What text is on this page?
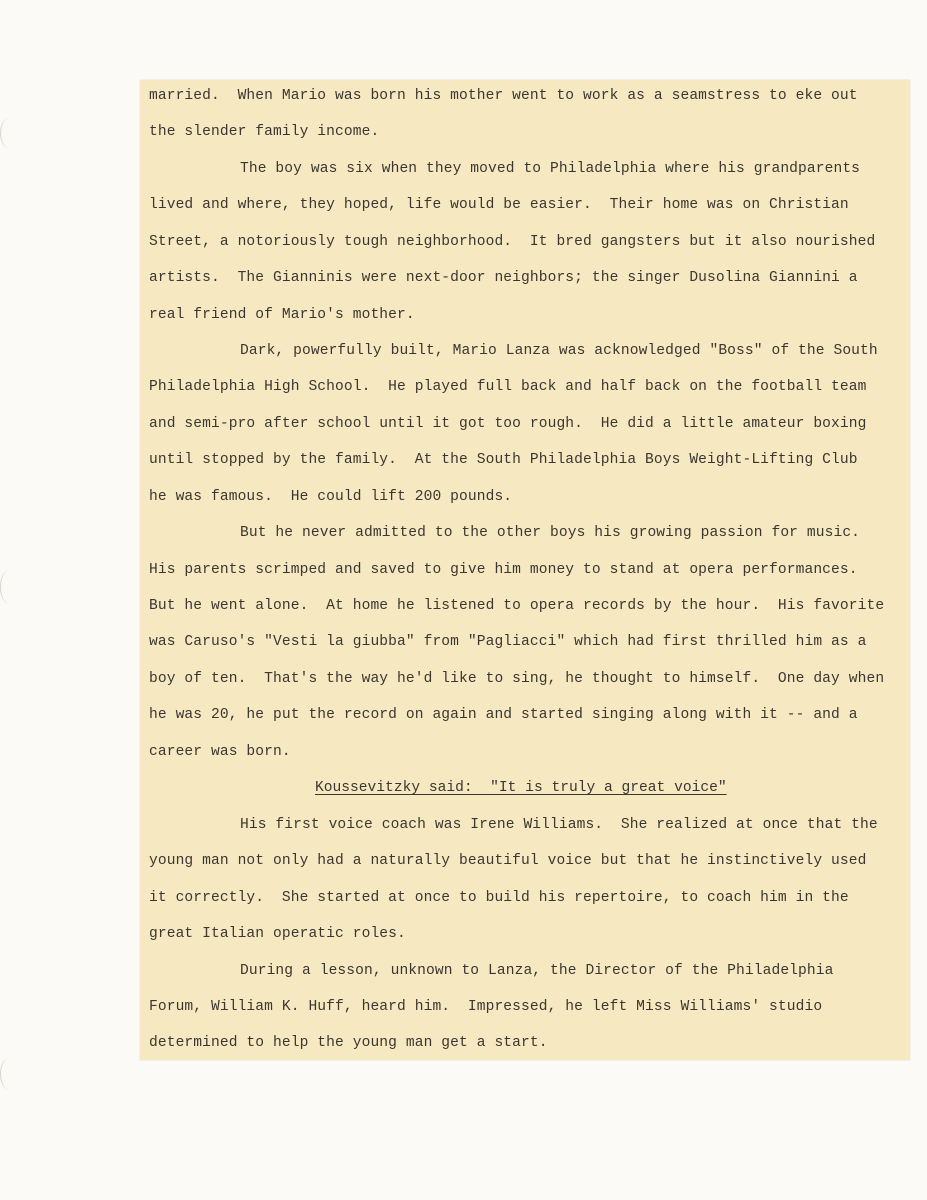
married.  When Mario was born his mother went to work as a seamstress to eke out

the slender family income.

The boy was six when they moved to Philadelphia where his grandparents

lived and where, they hoped, life would be easier.  Their home was on Christian

Street, a notoriously tough neighborhood.  It bred gangsters but it also nourished

artists.  The Gianninis were next-door neighbors; the singer Dusolina Giannini a

real friend of Mario's mother.

Dark, powerfully built, Mario Lanza was acknowledged "Boss" of the South

Philadelphia High School.  He played full back and half back on the football team

and semi-pro after school until it got too rough.  He did a little amateur boxing

until stopped by the family.  At the South Philadelphia Boys Weight-Lifting Club

he was famous.  He could lift 200 pounds.

But he never admitted to the other boys his growing passion for music.

His parents scrimped and saved to give him money to stand at opera performances.

But he went alone.  At home he listened to opera records by the hour.  His favorite

was Caruso's "Vesti la giubba" from "Pagliacci" which had first thrilled him as a

boy of ten.  That's the way he'd like to sing, he thought to himself.  One day when

he was 20, he put the record on again and started singing along with it -- and a

career was born.

Koussevitzky said:  "It is truly a great voice"

His first voice coach was Irene Williams.  She realized at once that the

young man not only had a naturally beautiful voice but that he instinctively used

it correctly.  She started at once to build his repertoire, to coach him in the

great Italian operatic roles.

During a lesson, unknown to Lanza, the Director of the Philadelphia

Forum, William K. Huff, heard him.  Impressed, he left Miss Williams' studio

determined to help the young man get a start.
